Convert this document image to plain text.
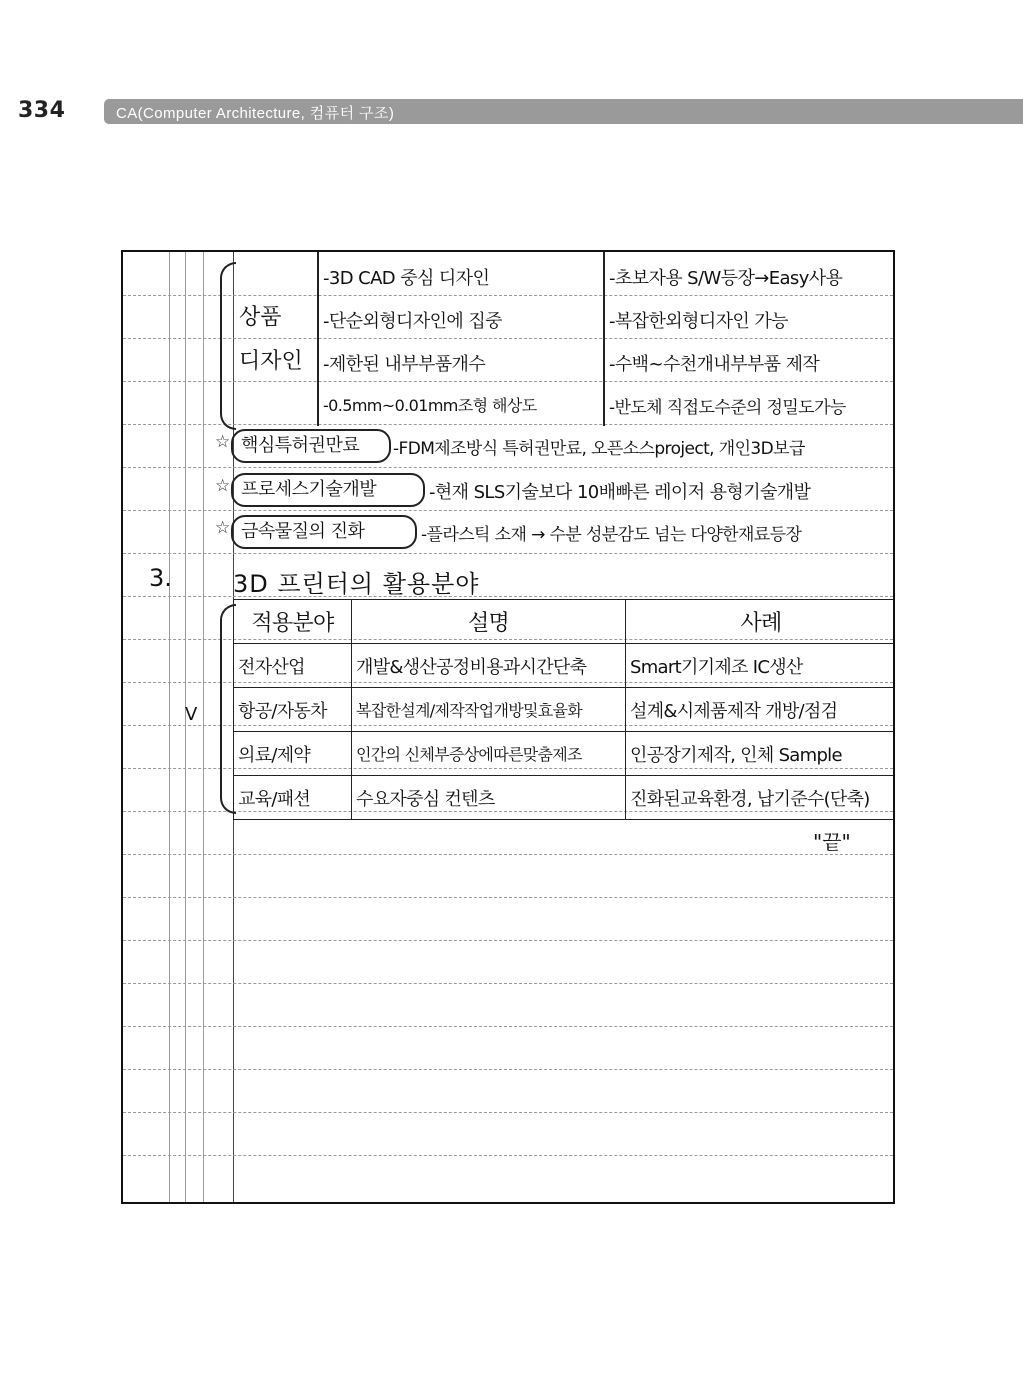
334	CA(Computer Architecture, 컴퓨터 구조)
상품
디자인
-3D CAD 중심 디자인	-초보자용 S/W등장→Easy사용
-단순외형디자인에 집중	-복잡한외형디자인 가능
-제한된 내부부품개수	-수백~수천개내부부품 제작
-0.5mm~0.01mm조형 해상도	-반도체 직접도수준의 정밀도가능
☆ 핵심특허권만료	-FDM제조방식 특허권만료, 오픈소스project, 개인3D보급
☆ 프로세스기술개발	-현재 SLS기술보다 10배빠른 레이저 용형기술개발
☆ 금속물질의 진화	-플라스틱 소재 → 수분 성분감도 넘는 다양한재료등장
3.	3D 프린터의 활용분야
V
적용분야	설명	사례
전자산업	개발&생산공정비용과시간단축	Smart기기제조 IC생산
항공/자동차	복잡한설계/제작작업개방및효율화	설계&시제품제작 개방/점검
의료/제약	인간의 신체부증상에따른맞춤제조	인공장기제작, 인체 Sample
교육/패션	수요자중심 컨텐츠	진화된교육환경, 납기준수(단축)
"끝"
